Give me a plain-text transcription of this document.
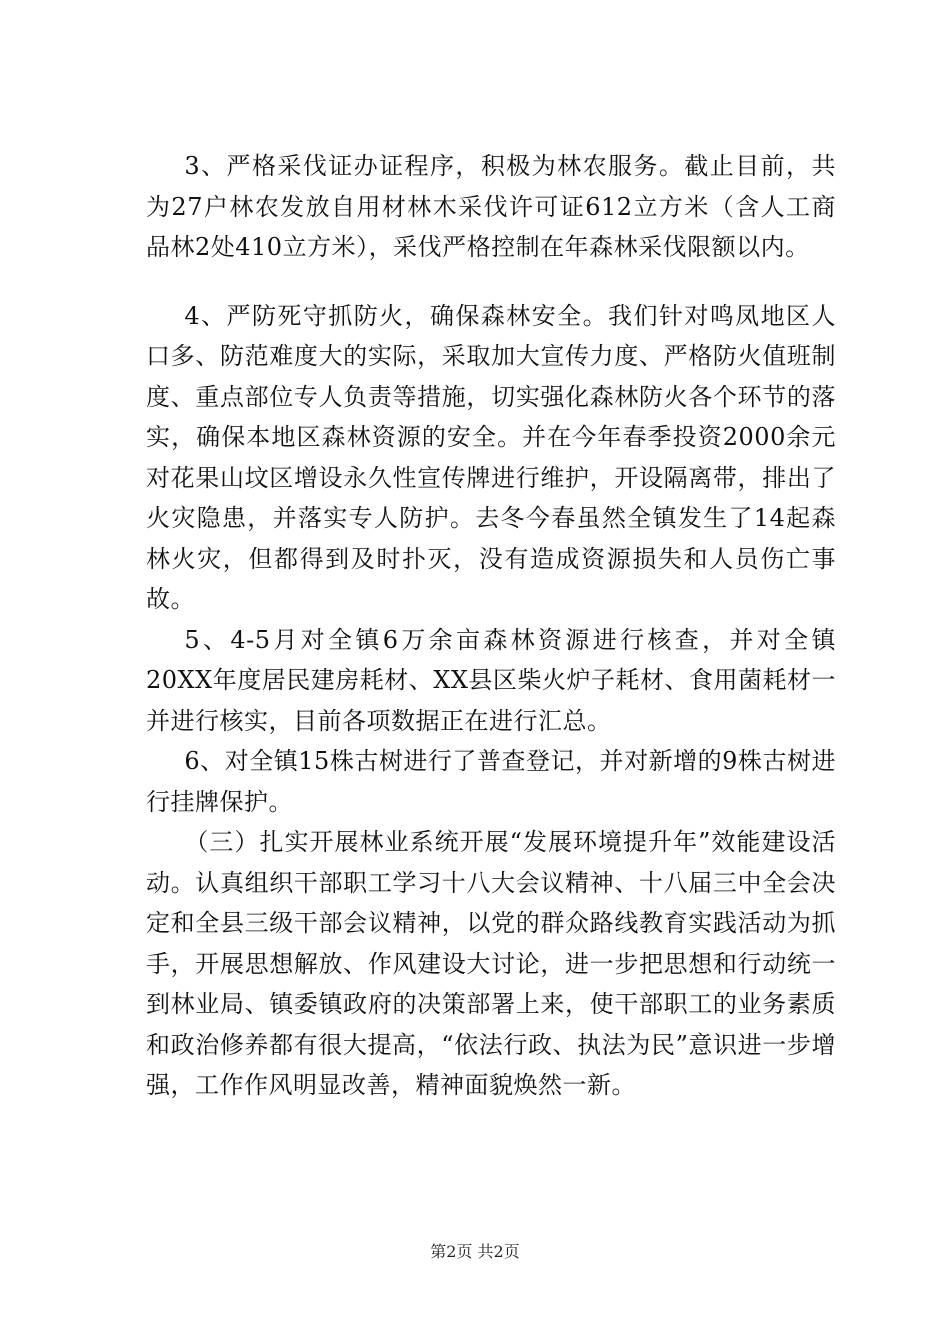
3、严格采伐证办证程序，积极为林农服务。截止目前，共为27户林农发放自用材林木采伐许可证612立方米（含人工商品林2处410立方米），采伐严格控制在年森林采伐限额以内。

4、严防死守抓防火，确保森林安全。我们针对鸣凤地区人口多、防范难度大的实际，采取加大宣传力度、严格防火值班制度、重点部位专人负责等措施，切实强化森林防火各个环节的落实，确保本地区森林资源的安全。并在今年春季投资2000余元对花果山坟区增设永久性宣传牌进行维护，开设隔离带，排出了火灾隐患，并落实专人防护。去冬今春虽然全镇发生了14起森林火灾，但都得到及时扑灭，没有造成资源损失和人员伤亡事故。

5、4-5月对全镇6万余亩森林资源进行核查，并对全镇20XX年度居民建房耗材、XX县区柴火炉子耗材、食用菌耗材一并进行核实，目前各项数据正在进行汇总。

6、对全镇15株古树进行了普查登记，并对新增的9株古树进行挂牌保护。

（三）扎实开展林业系统开展“发展环境提升年”效能建设活动。认真组织干部职工学习十八大会议精神、十八届三中全会决定和全县三级干部会议精神，以党的群众路线教育实践活动为抓手，开展思想解放、作风建设大讨论，进一步把思想和行动统一到林业局、镇委镇政府的决策部署上来，使干部职工的业务素质和政治修养都有很大提高，“依法行政、执法为民”意识进一步增强，工作作风明显改善，精神面貌焕然一新。

第2页 共2页
